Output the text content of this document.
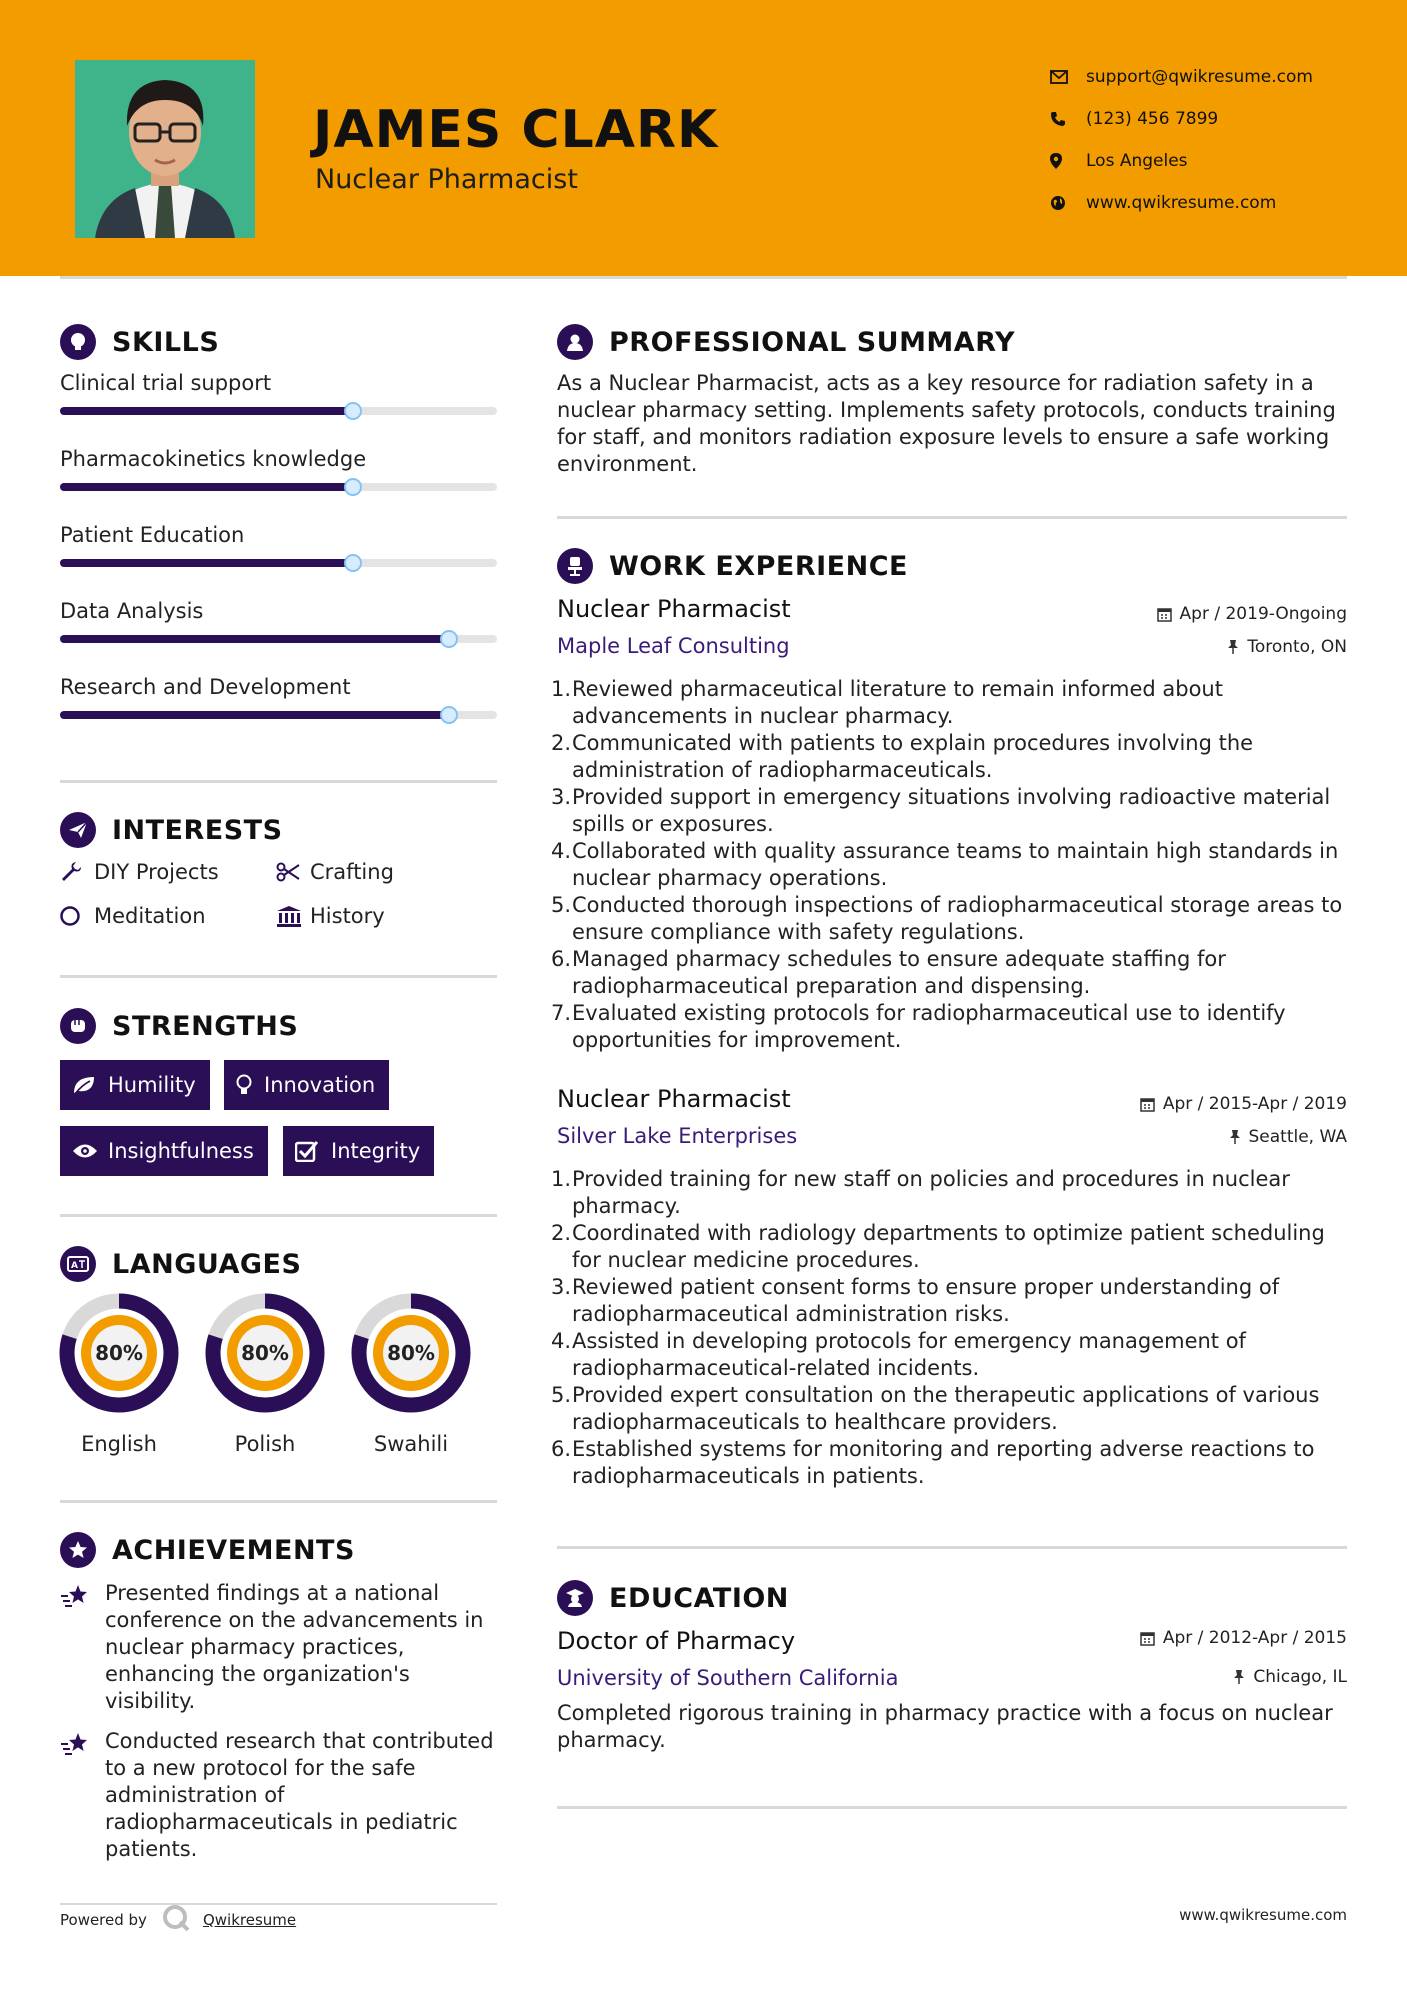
JAMES CLARK
Nuclear Pharmacist
support@qwikresume.com
(123) 456 7899
Los Angeles
www.qwikresume.com
SKILLS
Clinical trial support
Pharmacokinetics knowledge
Patient Education
Data Analysis
Research and Development
INTERESTS
DIY Projects	Crafting
Meditation	History
STRENGTHS
Humility	Innovation
Insightfulness	Integrity
A LANGUAGES
80%
English
80%
Polish
80%
Swahili
ACHIEVEMENTS
Presented findings at a national conference on the advancements in nuclear pharmacy practices, enhancing the organization's visibility.
Conducted research that contributed to a new protocol for the safe administration of radiopharmaceuticals in pediatric patients.
PROFESSIONAL SUMMARY
As a Nuclear Pharmacist, acts as a key resource for radiation safety in a nuclear pharmacy setting. Implements safety protocols, conducts training for staff, and monitors radiation exposure levels to ensure a safe working environment.
WORK EXPERIENCE
Nuclear Pharmacist	Apr / 2019-Ongoing
Maple Leaf Consulting	Toronto, ON
1. Reviewed pharmaceutical literature to remain informed about advancements in nuclear pharmacy.
2. Communicated with patients to explain procedures involving the administration of radiopharmaceuticals.
3. Provided support in emergency situations involving radioactive material spills or exposures.
4. Collaborated with quality assurance teams to maintain high standards in nuclear pharmacy operations.
5. Conducted thorough inspections of radiopharmaceutical storage areas to ensure compliance with safety regulations.
6. Managed pharmacy schedules to ensure adequate staffing for radiopharmaceutical preparation and dispensing.
7. Evaluated existing protocols for radiopharmaceutical use to identify opportunities for improvement.
Nuclear Pharmacist	Apr / 2015-Apr / 2019
Silver Lake Enterprises	Seattle, WA
1. Provided training for new staff on policies and procedures in nuclear pharmacy.
2. Coordinated with radiology departments to optimize patient scheduling for nuclear medicine procedures.
3. Reviewed patient consent forms to ensure proper understanding of radiopharmaceutical administration risks.
4. Assisted in developing protocols for emergency management of radiopharmaceutical-related incidents.
5. Provided expert consultation on the therapeutic applications of various radiopharmaceuticals to healthcare providers.
6. Established systems for monitoring and reporting adverse reactions to radiopharmaceuticals in patients.
EDUCATION
Doctor of Pharmacy	Apr / 2012-Apr / 2015
University of Southern California	Chicago, IL
Completed rigorous training in pharmacy practice with a focus on nuclear pharmacy.
Powered by	Qwikresume	www.qwikresume.com
